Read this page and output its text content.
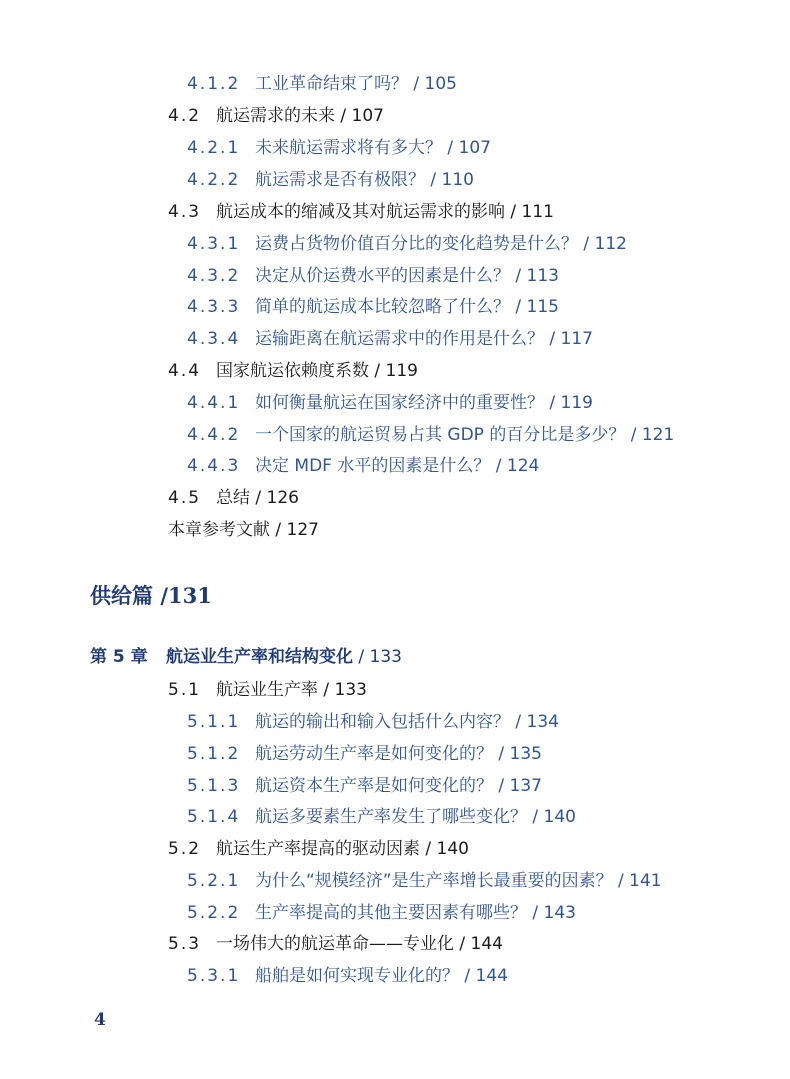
4.1.2 工业革命结束了吗？ / 105
4.2 航运需求的未来 / 107
4.2.1 未来航运需求将有多大？ / 107
4.2.2 航运需求是否有极限？ / 110
4.3 航运成本的缩减及其对航运需求的影响 / 111
4.3.1 运费占货物价值百分比的变化趋势是什么？ / 112
4.3.2 决定从价运费水平的因素是什么？ / 113
4.3.3 简单的航运成本比较忽略了什么？ / 115
4.3.4 运输距离在航运需求中的作用是什么？ / 117
4.4 国家航运依赖度系数 / 119
4.4.1 如何衡量航运在国家经济中的重要性？ / 119
4.4.2 一个国家的航运贸易占其 GDP 的百分比是多少？ / 121
4.4.3 决定 MDF 水平的因素是什么？ / 124
4.5 总结 / 126
本章参考文献 / 127
供给篇 /131
第 5 章 航运业生产率和结构变化 / 133
5.1 航运业生产率 / 133
5.1.1 航运的输出和输入包括什么内容？ / 134
5.1.2 航运劳动生产率是如何变化的？ / 135
5.1.3 航运资本生产率是如何变化的？ / 137
5.1.4 航运多要素生产率发生了哪些变化？ / 140
5.2 航运生产率提高的驱动因素 / 140
5.2.1 为什么“规模经济”是生产率增长最重要的因素？ / 141
5.2.2 生产率提高的其他主要因素有哪些？ / 143
5.3 一场伟大的航运革命——专业化 / 144
5.3.1 船舶是如何实现专业化的？ / 144
4
